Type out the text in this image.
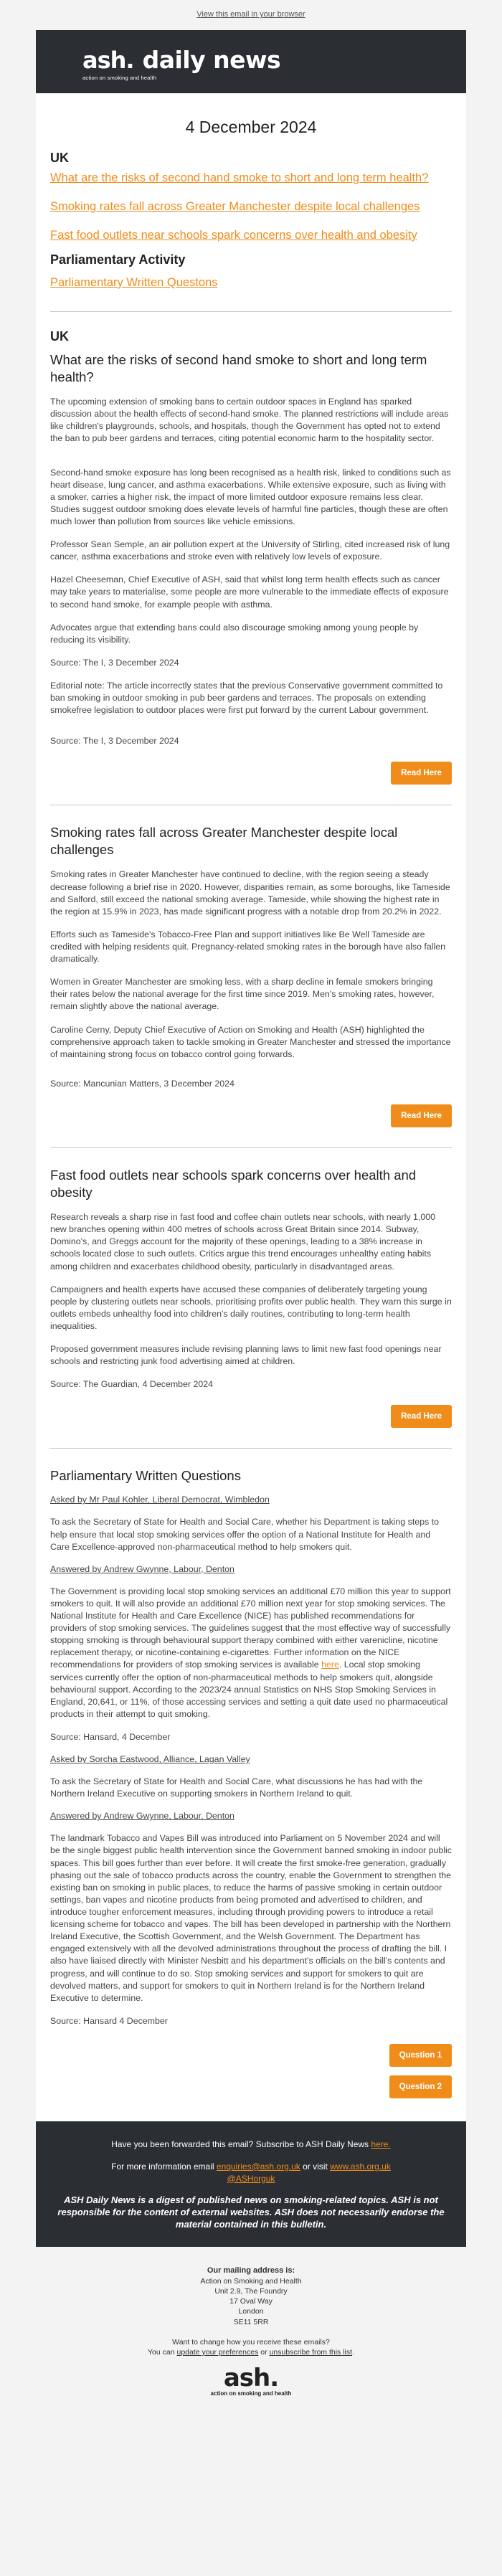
View this email in your browser
ash. daily news
action on smoking and health
4 December 2024
UK
What are the risks of second hand smoke to short and long term health?
Smoking rates fall across Greater Manchester despite local challenges
Fast food outlets near schools spark concerns over health and obesity
Parliamentary Activity
Parliamentary Written Questons
UK
What are the risks of second hand smoke to short and long term health?

The upcoming extension of smoking bans to certain outdoor spaces in England has sparked discussion about the health effects of second-hand smoke. The planned restrictions will include areas like children's playgrounds, schools, and hospitals, though the Government has opted not to extend the ban to pub beer gardens and terraces, citing potential economic harm to the hospitality sector.

Second-hand smoke exposure has long been recognised as a health risk, linked to conditions such as heart disease, lung cancer, and asthma exacerbations. While extensive exposure, such as living with a smoker, carries a higher risk, the impact of more limited outdoor exposure remains less clear. Studies suggest outdoor smoking does elevate levels of harmful fine particles, though these are often much lower than pollution from sources like vehicle emissions.

Professor Sean Semple, an air pollution expert at the University of Stirling, cited increased risk of lung cancer, asthma exacerbations and stroke even with relatively low levels of exposure.

Hazel Cheeseman, Chief Executive of ASH, said that whilst long term health effects such as cancer may take years to materialise, some people are more vulnerable to the immediate effects of exposure to second hand smoke, for example people with asthma.

Advocates argue that extending bans could also discourage smoking among young people by reducing its visibility.

Source: The I, 3 December 2024

Editorial note: The article incorrectly states that the previous Conservative government committed to ban smoking in outdoor smoking in pub beer gardens and terraces. The proposals on extending smokefree legislation to outdoor places were first put forward by the current Labour government.

Source: The I, 3 December 2024

Read Here
Smoking rates fall across Greater Manchester despite local challenges

Smoking rates in Greater Manchester have continued to decline, with the region seeing a steady decrease following a brief rise in 2020. However, disparities remain, as some boroughs, like Tameside and Salford, still exceed the national smoking average. Tameside, while showing the highest rate in the region at 15.9% in 2023, has made significant progress with a notable drop from 20.2% in 2022.

Efforts such as Tameside's Tobacco-Free Plan and support initiatives like Be Well Tameside are credited with helping residents quit. Pregnancy-related smoking rates in the borough have also fallen dramatically.

Women in Greater Manchester are smoking less, with a sharp decline in female smokers bringing their rates below the national average for the first time since 2019. Men's smoking rates, however, remain slightly above the national average.

Caroline Cerny, Deputy Chief Executive of Action on Smoking and Health (ASH) highlighted the comprehensive approach taken to tackle smoking in Greater Manchester and stressed the importance of maintaining strong focus on tobacco control going forwards.

Source: Mancunian Matters, 3 December 2024

Read Here
Fast food outlets near schools spark concerns over health and obesity

Research reveals a sharp rise in fast food and coffee chain outlets near schools, with nearly 1,000 new branches opening within 400 metres of schools across Great Britain since 2014. Subway, Domino's, and Greggs account for the majority of these openings, leading to a 38% increase in schools located close to such outlets. Critics argue this trend encourages unhealthy eating habits among children and exacerbates childhood obesity, particularly in disadvantaged areas.

Campaigners and health experts have accused these companies of deliberately targeting young people by clustering outlets near schools, prioritising profits over public health. They warn this surge in outlets embeds unhealthy food into children's daily routines, contributing to long-term health inequalities.

Proposed government measures include revising planning laws to limit new fast food openings near schools and restricting junk food advertising aimed at children.

Source: The Guardian, 4 December 2024

Read Here
Parliamentary Written Questions
Asked by Mr Paul Kohler, Liberal Democrat, Wimbledon

To ask the Secretary of State for Health and Social Care, whether his Department is taking steps to help ensure that local stop smoking services offer the option of a National Institute for Health and Care Excellence-approved non-pharmaceutical method to help smokers quit.

Answered by Andrew Gwynne, Labour, Denton

The Government is providing local stop smoking services an additional £70 million this year to support smokers to quit. It will also provide an additional £70 million next year for stop smoking services. The National Institute for Health and Care Excellence (NICE) has published recommendations for providers of stop smoking services. The guidelines suggest that the most effective way of successfully stopping smoking is through behavioural support therapy combined with either varenicline, nicotine replacement therapy, or nicotine-containing e-cigarettes. Further information on the NICE recommendations for providers of stop smoking services is available here. Local stop smoking services currently offer the option of non-pharmaceutical methods to help smokers quit, alongside behavioural support. According to the 2023/24 annual Statistics on NHS Stop Smoking Services in England, 20,641, or 11%, of those accessing services and setting a quit date used no pharmaceutical products in their attempt to quit smoking.

Source: Hansard, 4 December

Asked by Sorcha Eastwood, Alliance, Lagan Valley

To ask the Secretary of State for Health and Social Care, what discussions he has had with the Northern Ireland Executive on supporting smokers in Northern Ireland to quit.

Answered by Andrew Gwynne, Labour, Denton

The landmark Tobacco and Vapes Bill was introduced into Parliament on 5 November 2024 and will be the single biggest public health intervention since the Government banned smoking in indoor public spaces. This bill goes further than ever before. It will create the first smoke-free generation, gradually phasing out the sale of tobacco products across the country, enable the Government to strengthen the existing ban on smoking in public places, to reduce the harms of passive smoking in certain outdoor settings, ban vapes and nicotine products from being promoted and advertised to children, and introduce tougher enforcement measures, including through providing powers to introduce a retail licensing scheme for tobacco and vapes. The bill has been developed in partnership with the Northern Ireland Executive, the Scottish Government, and the Welsh Government. The Department has engaged extensively with all the devolved administrations throughout the process of drafting the bill. I also have liaised directly with Minister Nesbitt and his department's officials on the bill's contents and progress, and will continue to do so. Stop smoking services and support for smokers to quit are devolved matters, and support for smokers to quit in Northern Ireland is for the Northern Ireland Executive to determine.

Source: Hansard 4 December

Question 1
Question 2

Have you been forwarded this email? Subscribe to ASH Daily News here.

For more information email enquiries@ash.org.uk or visit www.ash.org.uk
@ASHorguk

ASH Daily News is a digest of published news on smoking-related topics. ASH is not responsible for the content of external websites. ASH does not necessarily endorse the material contained in this bulletin.

Our mailing address is:
Action on Smoking and Health
Unit 2.9, The Foundry
17 Oval Way
London
SE11 5RR
Want to change how you receive these emails?
You can update your preferences or unsubscribe from this list.
ash.
action on smoking and health
